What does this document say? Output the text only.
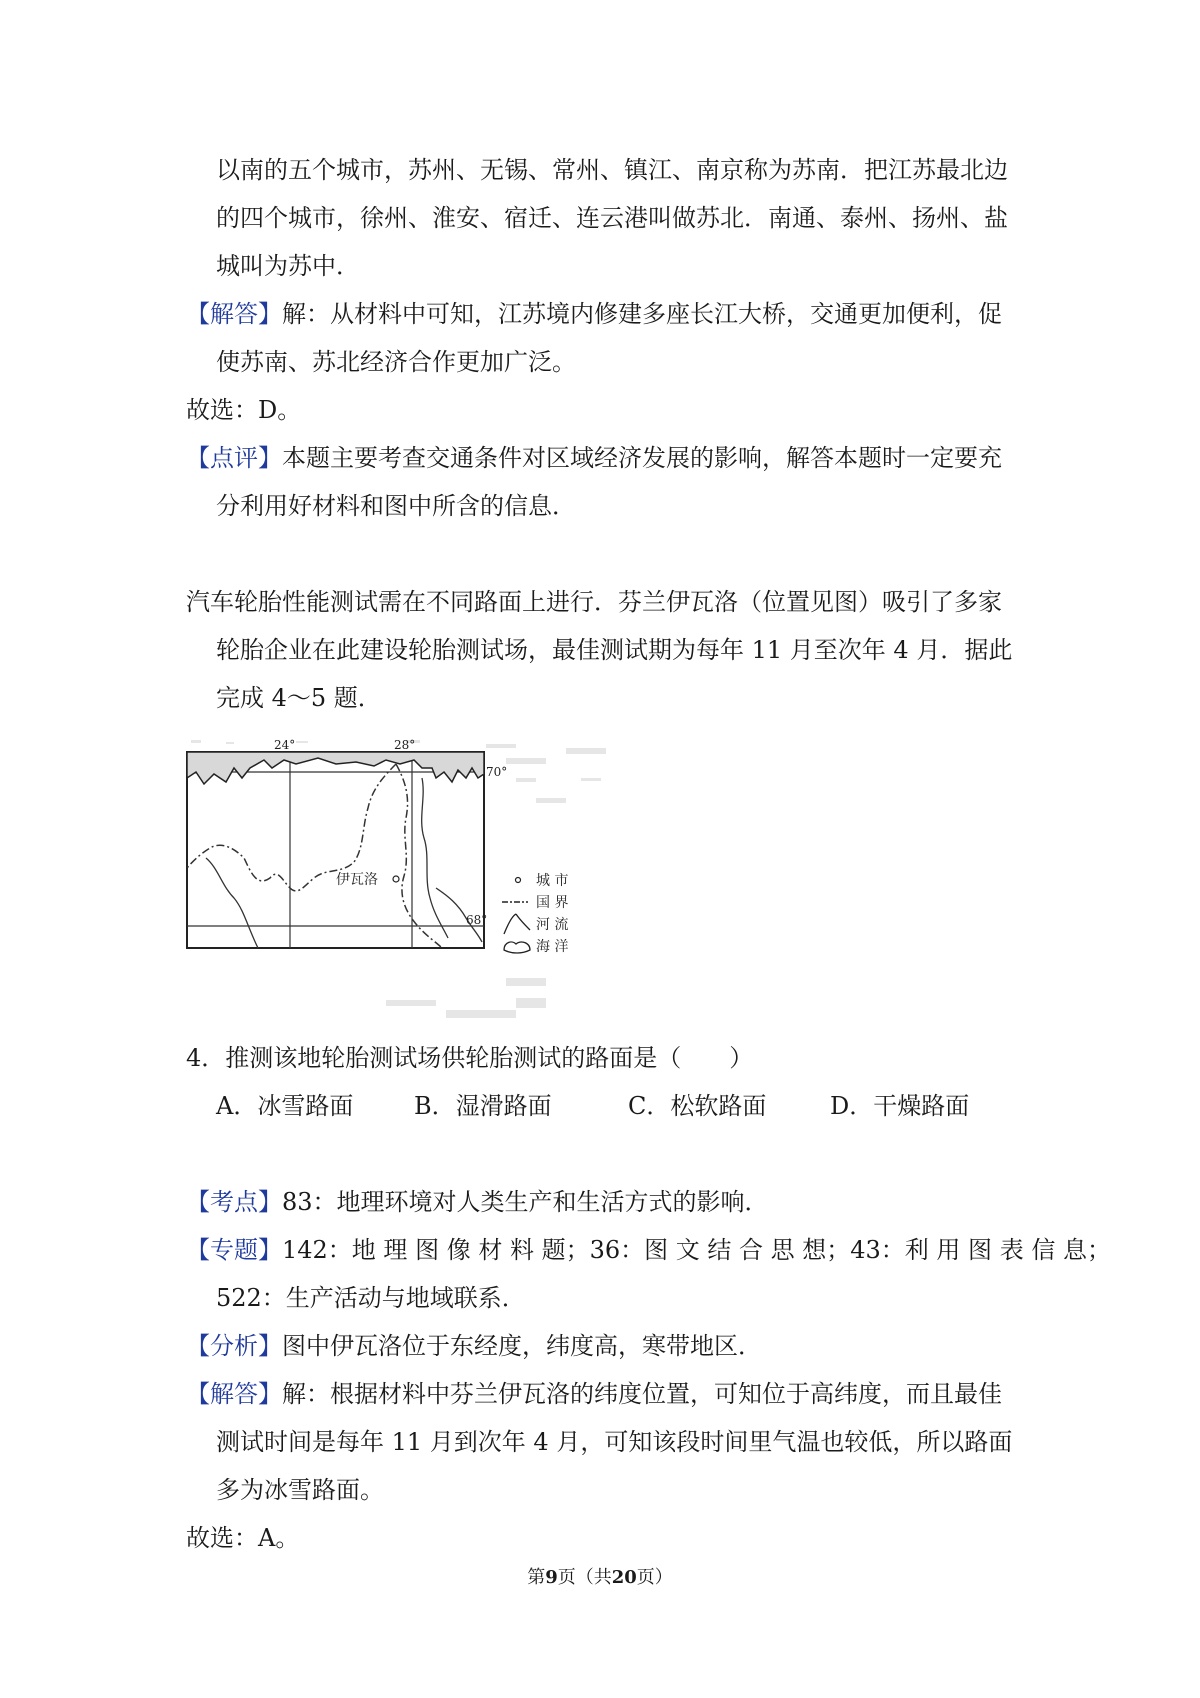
以南的五个城市，苏州、无锡、常州、镇江、南京称为苏南．把江苏最北边
的四个城市，徐州、淮安、宿迁、连云港叫做苏北．南通、泰州、扬州、盐
城叫为苏中．
【解答】解：从材料中可知，江苏境内修建多座长江大桥，交通更加便利，促
使苏南、苏北经济合作更加广泛。
故选：D。
【点评】本题主要考查交通条件对区域经济发展的影响，解答本题时一定要充
分利用好材料和图中所含的信息．
汽车轮胎性能测试需在不同路面上进行．芬兰伊瓦洛（位置见图）吸引了多家
轮胎企业在此建设轮胎测试场，最佳测试期为每年 11 月至次年 4 月．据此
完成 4～5 题．
24°	28°
70°
68°
伊瓦洛	城 市
国 界
河 流
海 洋
4．推测该地轮胎测试场供轮胎测试的路面是（　　）
A．冰雪路面	B．湿滑路面	C．松软路面	D．干燥路面
【考点】83：地理环境对人类生产和生活方式的影响．
【专题】142：地 理 图 像 材 料 题；36：图 文 结 合 思 想；43：利 用 图 表 信 息；
522：生产活动与地域联系．
【分析】图中伊瓦洛位于东经度，纬度高，寒带地区．
【解答】解：根据材料中芬兰伊瓦洛的纬度位置，可知位于高纬度，而且最佳
测试时间是每年 11 月到次年 4 月，可知该段时间里气温也较低，所以路面
多为冰雪路面。
故选：A。
第9页（共20页）
